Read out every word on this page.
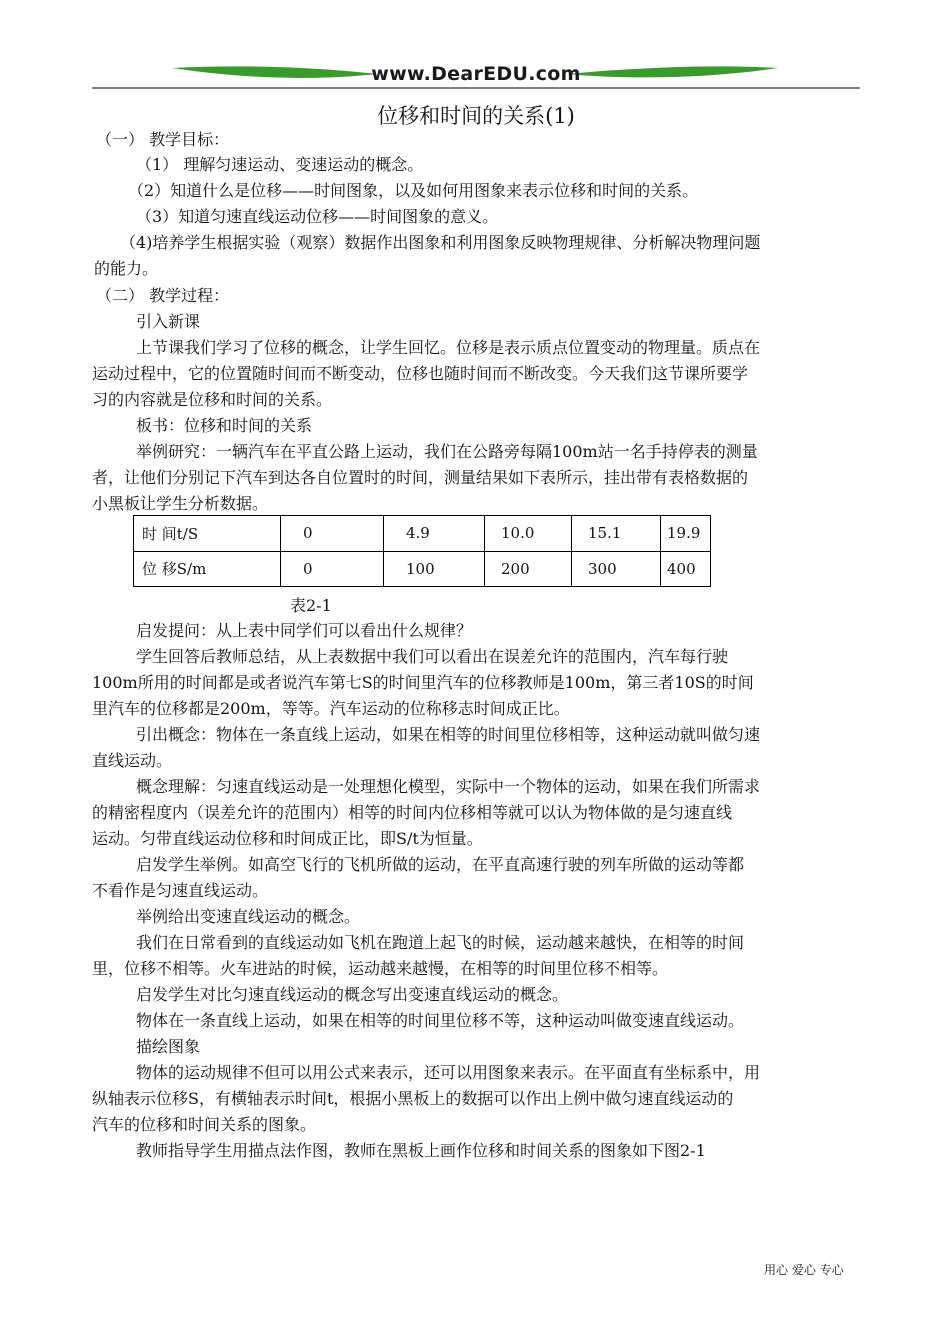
www.DearEDU.com
位移和时间的关系(1)
（一） 教学目标：
（1） 理解匀速运动、变速运动的概念。
（2）知道什么是位移——时间图象，以及如何用图象来表示位移和时间的关系。
（3）知道匀速直线运动位移——时间图象的意义。
（4)培养学生根据实验（观察）数据作出图象和利用图象反映物理规律、分析解决物理问题
的能力。
（二） 教学过程：
引入新课
上节课我们学习了位移的概念，让学生回忆。位移是表示质点位置变动的物理量。质点在
运动过程中，它的位置随时间而不断变动，位移也随时间而不断改变。今天我们这节课所要学
习的内容就是位移和时间的关系。
板书：位移和时间的关系
举例研究：一辆汽车在平直公路上运动，我们在公路旁每隔100m站一名手持停表的测量
者，让他们分别记下汽车到达各自位置时的时间，测量结果如下表所示，挂出带有表格数据的
小黑板让学生分析数据。
时 间t/S	0	4.9	10.0	15.1	19.9
位 移S/m	0	100	200	300	400
表2-1
启发提问：从上表中同学们可以看出什么规律？
学生回答后教师总结，从上表数据中我们可以看出在误差允许的范围内，汽车每行驶
100m所用的时间都是或者说汽车第七S的时间里汽车的位移教师是100m，第三者10S的时间
里汽车的位移都是200m，等等。汽车运动的位称移志时间成正比。
引出概念：物体在一条直线上运动，如果在相等的时间里位移相等，这种运动就叫做匀速
直线运动。
概念理解：匀速直线运动是一处理想化模型，实际中一个物体的运动，如果在我们所需求
的精密程度内（误差允许的范围内）相等的时间内位移相等就可以认为物体做的是匀速直线
运动。匀带直线运动位移和时间成正比，即S/t为恒量。
启发学生举例。如高空飞行的飞机所做的运动，在平直高速行驶的列车所做的运动等都
不看作是匀速直线运动。
举例给出变速直线运动的概念。
我们在日常看到的直线运动如飞机在跑道上起飞的时候，运动越来越快，在相等的时间
里，位移不相等。火车进站的时候，运动越来越慢，在相等的时间里位移不相等。
启发学生对比匀速直线运动的概念写出变速直线运动的概念。
物体在一条直线上运动，如果在相等的时间里位移不等，这种运动叫做变速直线运动。
描绘图象
物体的运动规律不但可以用公式来表示，还可以用图象来表示。在平面直有坐标系中，用
纵轴表示位移S，有横轴表示时间t，根据小黑板上的数据可以作出上例中做匀速直线运动的
汽车的位移和时间关系的图象。
教师指导学生用描点法作图，教师在黑板上画作位移和时间关系的图象如下图2-1
用心 爱心 专心
